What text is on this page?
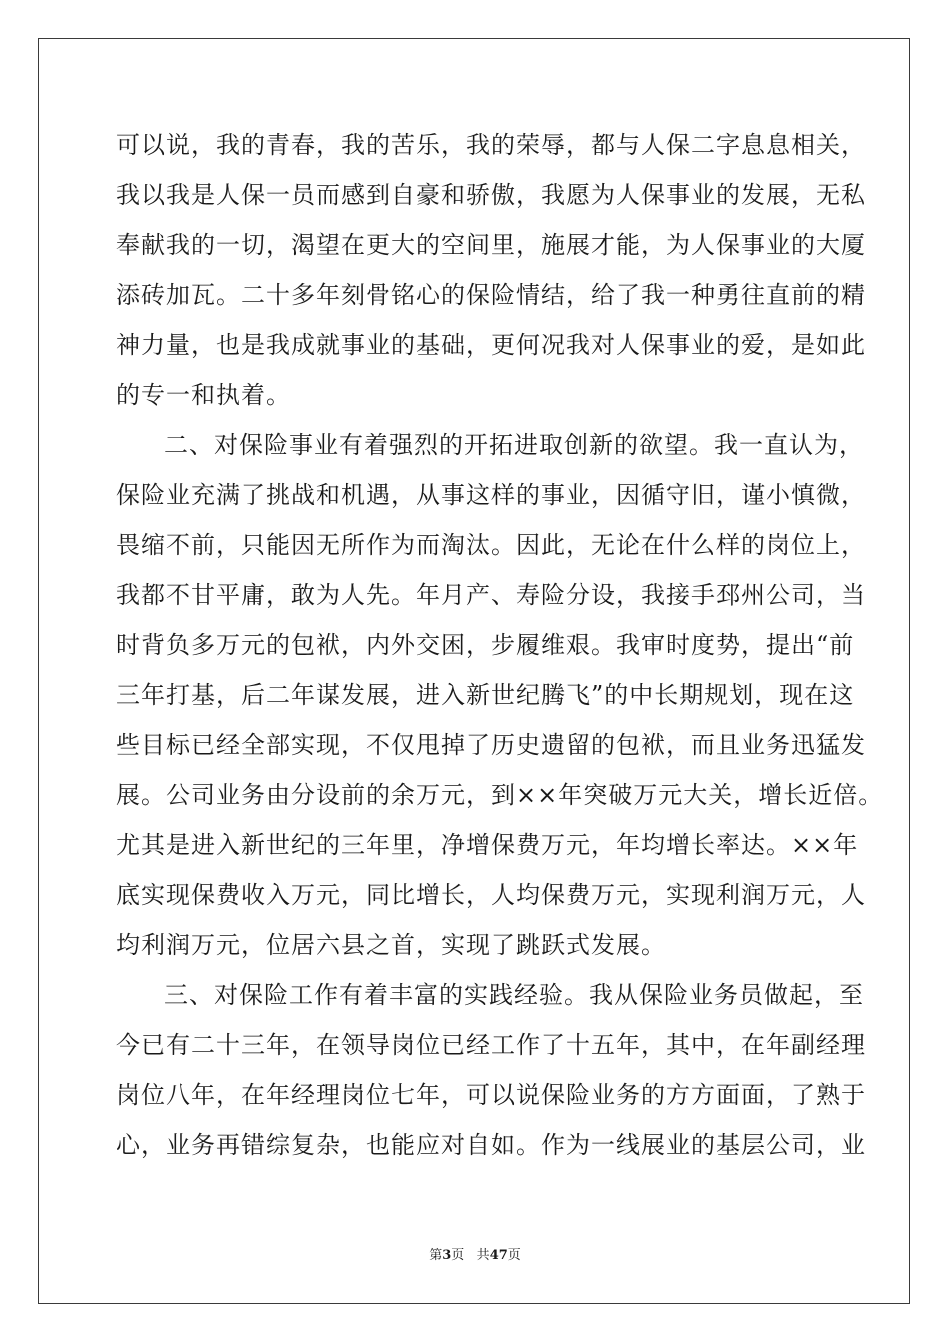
可以说，我的青春，我的苦乐，我的荣辱，都与人保二字息息相关，
我以我是人保一员而感到自豪和骄傲，我愿为人保事业的发展，无私
奉献我的一切，渴望在更大的空间里，施展才能，为人保事业的大厦
添砖加瓦。二十多年刻骨铭心的保险情结，给了我一种勇往直前的精
神力量，也是我成就事业的基础，更何况我对人保事业的爱，是如此
的专一和执着。
二、对保险事业有着强烈的开拓进取创新的欲望。我一直认为，
保险业充满了挑战和机遇，从事这样的事业，因循守旧，谨小慎微，
畏缩不前，只能因无所作为而淘汰。因此，无论在什么样的岗位上，
我都不甘平庸，敢为人先。年月产、寿险分设，我接手邳州公司，当
时背负多万元的包袱，内外交困，步履维艰。我审时度势，提出“前
三年打基，后二年谋发展，进入新世纪腾飞”的中长期规划，现在这
些目标已经全部实现，不仅甩掉了历史遗留的包袱，而且业务迅猛发
展。公司业务由分设前的余万元，到××年突破万元大关，增长近倍。
尤其是进入新世纪的三年里，净增保费万元，年均增长率达。××年
底实现保费收入万元，同比增长，人均保费万元，实现利润万元，人
均利润万元，位居六县之首，实现了跳跃式发展。
三、对保险工作有着丰富的实践经验。我从保险业务员做起，至
今已有二十三年，在领导岗位已经工作了十五年，其中，在年副经理
岗位八年，在年经理岗位七年，可以说保险业务的方方面面，了熟于
心，业务再错综复杂，也能应对自如。作为一线展业的基层公司，业
第3页 共47页
